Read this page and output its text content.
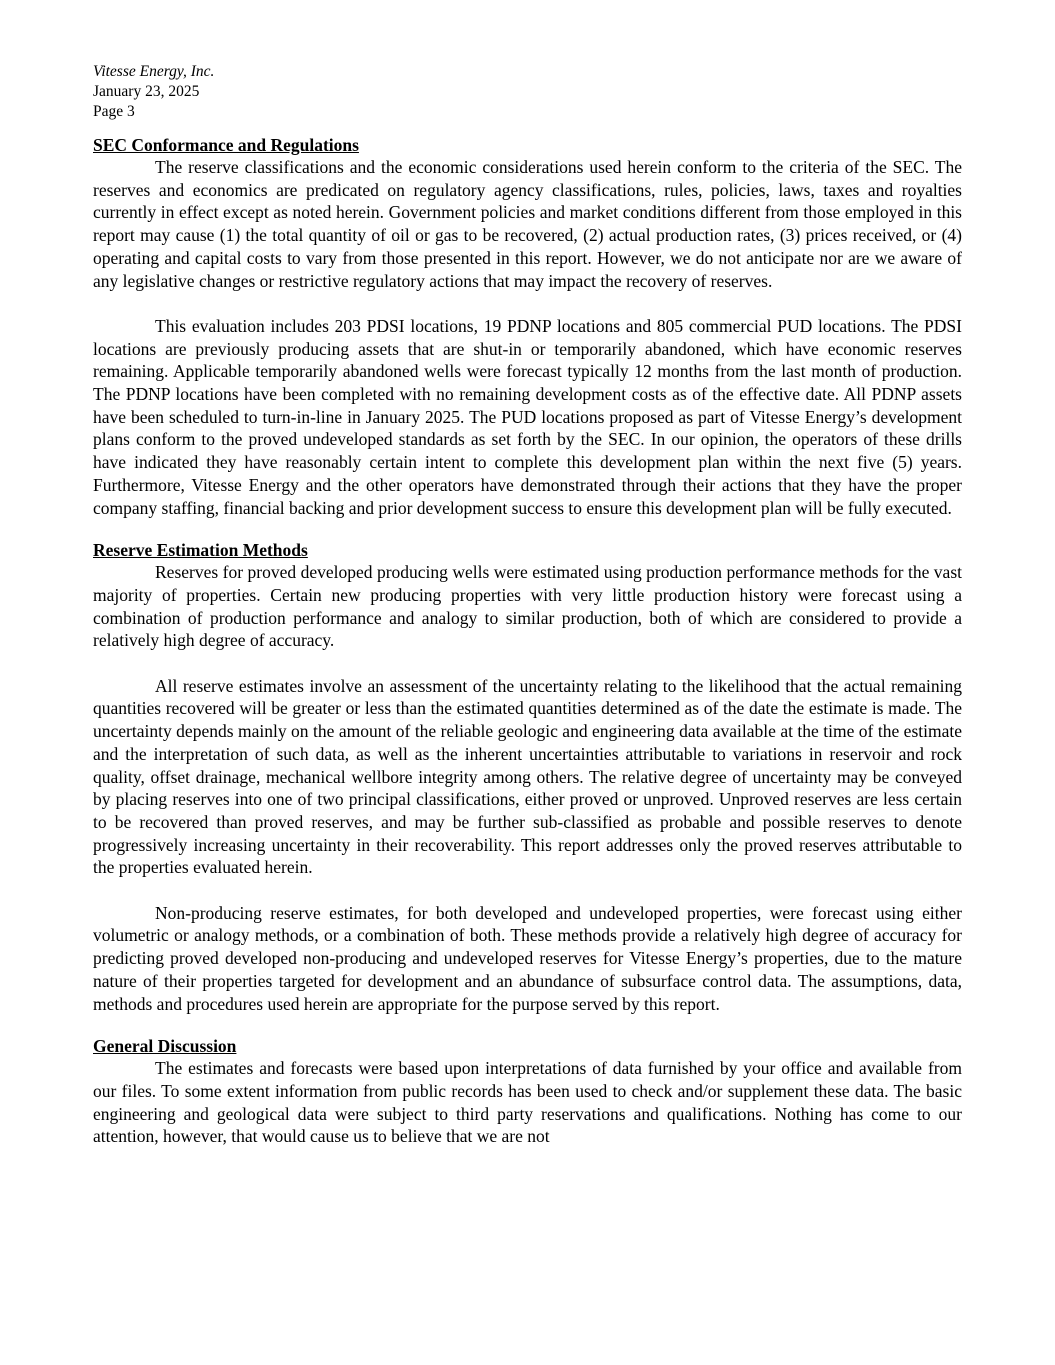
Vitesse Energy, Inc.

January 23, 2025

Page 3

SEC Conformance and Regulations

The reserve classifications and the economic considerations used herein conform to the criteria of the SEC. The reserves and economics are predicated on regulatory agency classifications, rules, policies, laws, taxes and royalties currently in effect except as noted herein. Government policies and market conditions different from those employed in this report may cause (1) the total quantity of oil or gas to be recovered, (2) actual production rates, (3) prices received, or (4) operating and capital costs to vary from those presented in this report. However, we do not anticipate nor are we aware of any legislative changes or restrictive regulatory actions that may impact the recovery of reserves.

This evaluation includes 203 PDSI locations, 19 PDNP locations and 805 commercial PUD locations. The PDSI locations are previously producing assets that are shut-in or temporarily abandoned, which have economic reserves remaining. Applicable temporarily abandoned wells were forecast typically 12 months from the last month of production. The PDNP locations have been completed with no remaining development costs as of the effective date. All PDNP assets have been scheduled to turn-in-line in January 2025. The PUD locations proposed as part of Vitesse Energy’s development plans conform to the proved undeveloped standards as set forth by the SEC. In our opinion, the operators of these drills have indicated they have reasonably certain intent to complete this development plan within the next five (5) years. Furthermore, Vitesse Energy and the other operators have demonstrated through their actions that they have the proper company staffing, financial backing and prior development success to ensure this development plan will be fully executed.

Reserve Estimation Methods

Reserves for proved developed producing wells were estimated using production performance methods for the vast majority of properties. Certain new producing properties with very little production history were forecast using a combination of production performance and analogy to similar production, both of which are considered to provide a relatively high degree of accuracy.

All reserve estimates involve an assessment of the uncertainty relating to the likelihood that the actual remaining quantities recovered will be greater or less than the estimated quantities determined as of the date the estimate is made. The uncertainty depends mainly on the amount of the reliable geologic and engineering data available at the time of the estimate and the interpretation of such data, as well as the inherent uncertainties attributable to variations in reservoir and rock quality, offset drainage, mechanical wellbore integrity among others. The relative degree of uncertainty may be conveyed by placing reserves into one of two principal classifications, either proved or unproved. Unproved reserves are less certain to be recovered than proved reserves, and may be further sub-classified as probable and possible reserves to denote progressively increasing uncertainty in their recoverability. This report addresses only the proved reserves attributable to the properties evaluated herein.

Non-producing reserve estimates, for both developed and undeveloped properties, were forecast using either volumetric or analogy methods, or a combination of both. These methods provide a relatively high degree of accuracy for predicting proved developed non-producing and undeveloped reserves for Vitesse Energy’s properties, due to the mature nature of their properties targeted for development and an abundance of subsurface control data. The assumptions, data, methods and procedures used herein are appropriate for the purpose served by this report.

General Discussion

The estimates and forecasts were based upon interpretations of data furnished by your office and available from our files. To some extent information from public records has been used to check and/or supplement these data. The basic engineering and geological data were subject to third party reservations and qualifications. Nothing has come to our attention, however, that would cause us to believe that we are not
